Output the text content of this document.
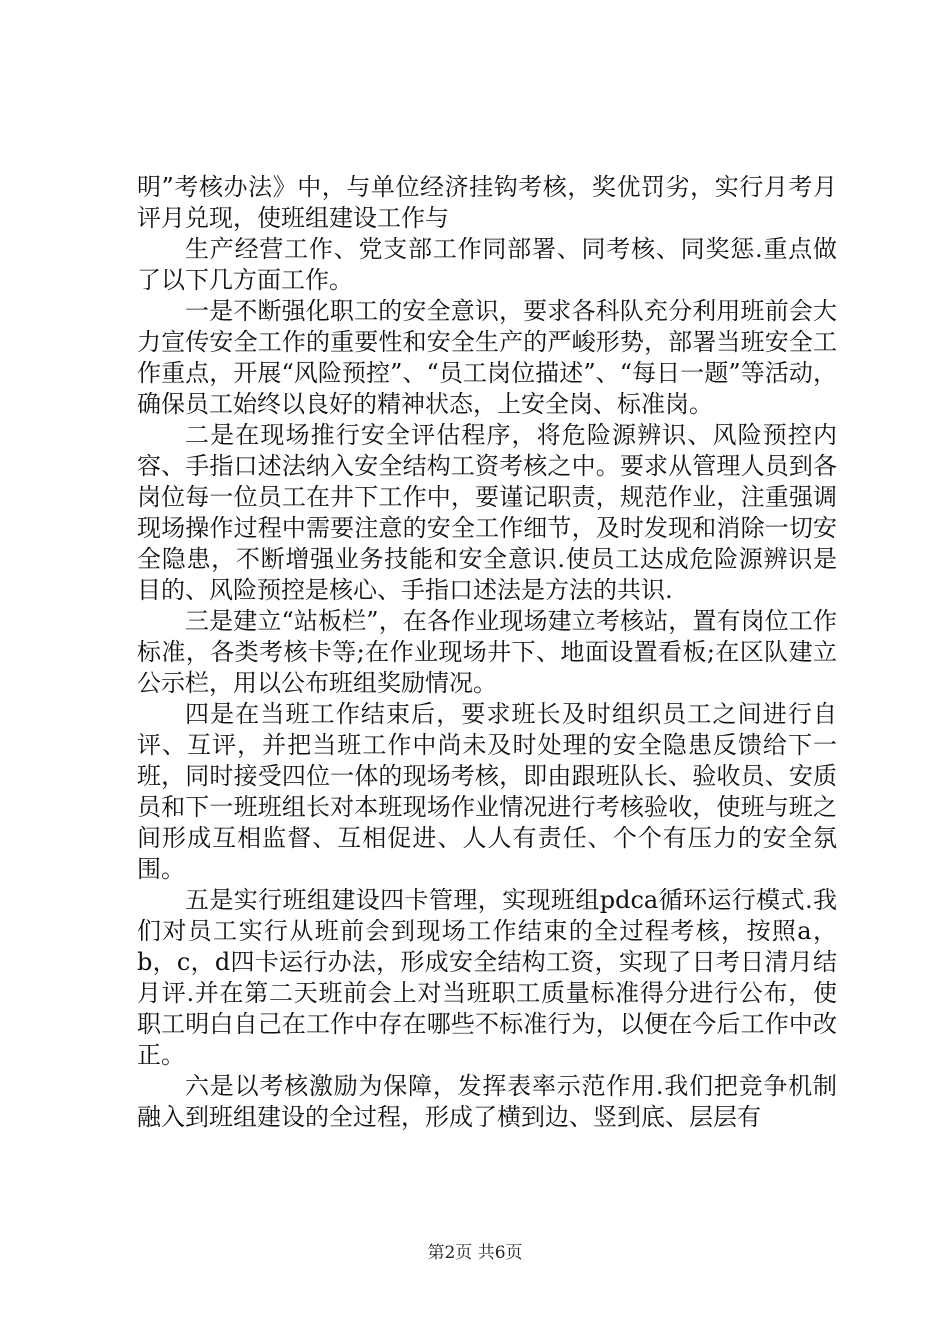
明”考核办法》中，与单位经济挂钩考核，奖优罚劣，实行月考月评月兑现，使班组建设工作与

生产经营工作、党支部工作同部署、同考核、同奖惩.重点做了以下几方面工作。

一是不断强化职工的安全意识，要求各科队充分利用班前会大力宣传安全工作的重要性和安全生产的严峻形势，部署当班安全工作重点，开展“风险预控”、“员工岗位描述”、“每日一题”等活动，确保员工始终以良好的精神状态，上安全岗、标准岗。

二是在现场推行安全评估程序，将危险源辨识、风险预控内容、手指口述法纳入安全结构工资考核之中。要求从管理人员到各岗位每一位员工在井下工作中，要谨记职责，规范作业，注重强调现场操作过程中需要注意的安全工作细节，及时发现和消除一切安全隐患，不断增强业务技能和安全意识.使员工达成危险源辨识是目的、风险预控是核心、手指口述法是方法的共识.

三是建立“站板栏”，在各作业现场建立考核站，置有岗位工作标准，各类考核卡等;在作业现场井下、地面设置看板;在区队建立公示栏，用以公布班组奖励情况。

四是在当班工作结束后，要求班长及时组织员工之间进行自评、互评，并把当班工作中尚未及时处理的安全隐患反馈给下一班，同时接受四位一体的现场考核，即由跟班队长、验收员、安质员和下一班班组长对本班现场作业情况进行考核验收，使班与班之间形成互相监督、互相促进、人人有责任、个个有压力的安全氛围。

五是实行班组建设四卡管理，实现班组pdca循环运行模式.我们对员工实行从班前会到现场工作结束的全过程考核，按照a，b，c，d四卡运行办法，形成安全结构工资，实现了日考日清月结月评.并在第二天班前会上对当班职工质量标准得分进行公布，使职工明白自己在工作中存在哪些不标准行为，以便在今后工作中改正。

六是以考核激励为保障，发挥表率示范作用.我们把竞争机制融入到班组建设的全过程，形成了横到边、竖到底、层层有

第2页 共6页
